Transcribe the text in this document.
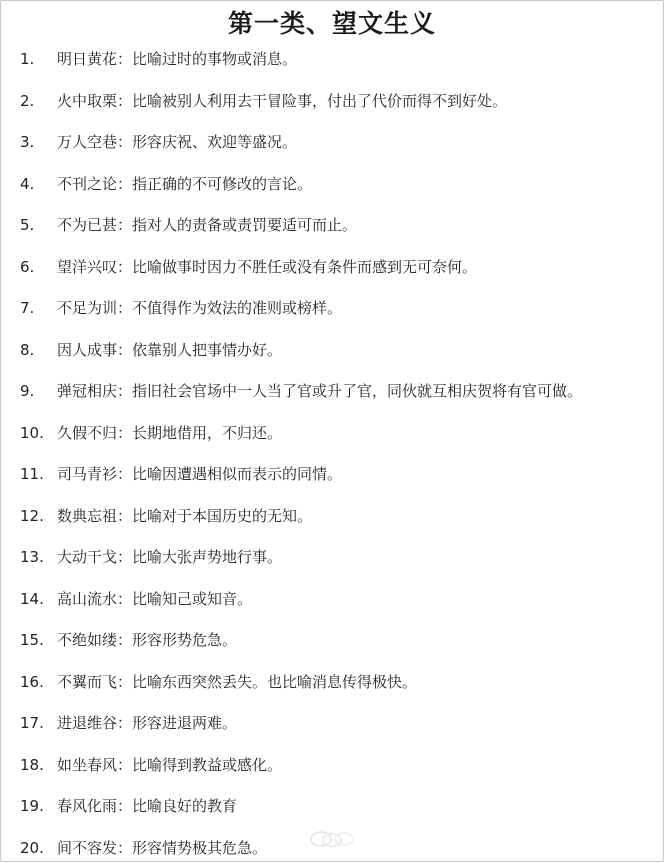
第一类、望文生义
1. 明日黄花：比喻过时的事物或消息。
2. 火中取栗：比喻被别人利用去干冒险事，付出了代价而得不到好处。
3. 万人空巷：形容庆祝、欢迎等盛况。
4. 不刊之论：指正确的不可修改的言论。
5. 不为已甚：指对人的责备或责罚要适可而止。
6. 望洋兴叹：比喻做事时因力不胜任或没有条件而感到无可奈何。
7. 不足为训：不值得作为效法的准则或榜样。
8. 因人成事：依靠别人把事情办好。
9. 弹冠相庆：指旧社会官场中一人当了官或升了官，同伙就互相庆贺将有官可做。
10. 久假不归：长期地借用，不归还。
11. 司马青衫：比喻因遭遇相似而表示的同情。
12. 数典忘祖：比喻对于本国历史的无知。
13. 大动干戈：比喻大张声势地行事。
14. 高山流水：比喻知己或知音。
15. 不绝如缕：形容形势危急。
16. 不翼而飞：比喻东西突然丢失。也比喻消息传得极快。
17. 进退维谷：形容进退两难。
18. 如坐春风：比喻得到教益或感化。
19. 春风化雨：比喻良好的教育
20. 间不容发：形容情势极其危急。
